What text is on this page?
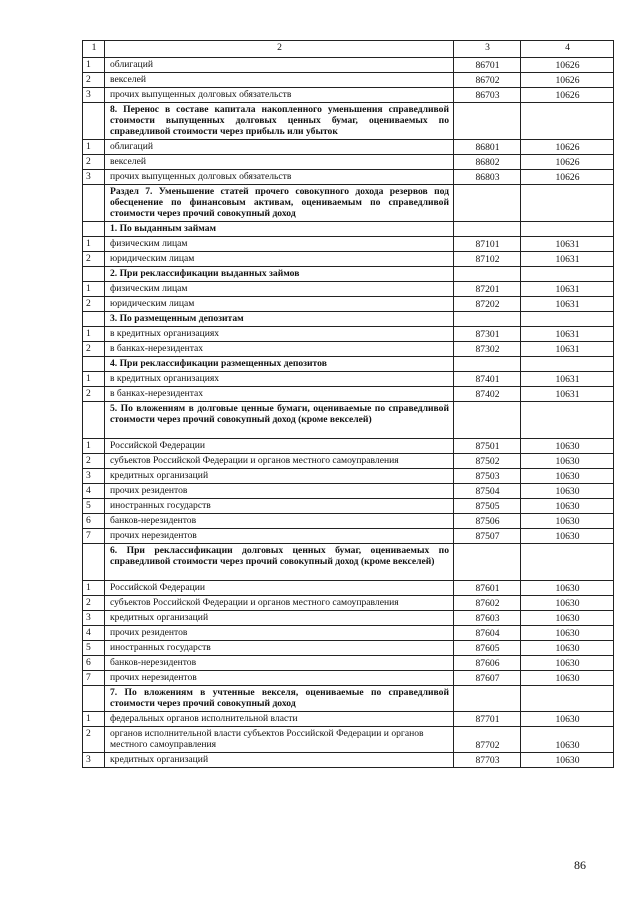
1	2	3	4
1	облигаций	86701	10626
2	векселей	86702	10626
3	прочих выпущенных долговых обязательств	86703	10626
	8. Перенос в составе капитала накопленного уменьшения справедливой стоимости выпущенных долговых ценных бумаг, оцениваемых по справедливой стоимости через прибыль или убыток		
1	облигаций	86801	10626
2	векселей	86802	10626
3	прочих выпущенных долговых обязательств	86803	10626
	Раздел 7. Уменьшение статей прочего совокупного дохода резервов под обесценение по финансовым активам, оцениваемым по справедливой стоимости через прочий совокупный доход		
	1. По выданным займам		
1	физическим лицам	87101	10631
2	юридическим лицам	87102	10631
	2. При реклассификации выданных займов		
1	физическим лицам	87201	10631
2	юридическим лицам	87202	10631
	3. По размещенным депозитам		
1	в кредитных организациях	87301	10631
2	в банках-нерезидентах	87302	10631
	4. При реклассификации размещенных депозитов		
1	в кредитных организациях	87401	10631
2	в банках-нерезидентах	87402	10631
	5. По вложениям в долговые ценные бумаги, оцениваемые по справедливой стоимости через прочий совокупный доход (кроме векселей)		
1	Российской Федерации	87501	10630
2	субъектов Российской Федерации и органов местного самоуправления	87502	10630
3	кредитных организаций	87503	10630
4	прочих резидентов	87504	10630
5	иностранных государств	87505	10630
6	банков-нерезидентов	87506	10630
7	прочих нерезидентов	87507	10630
	6. При реклассификации долговых ценных бумаг, оцениваемых по справедливой стоимости через прочий совокупный доход (кроме векселей)		
1	Российской Федерации	87601	10630
2	субъектов Российской Федерации и органов местного самоуправления	87602	10630
3	кредитных организаций	87603	10630
4	прочих резидентов	87604	10630
5	иностранных государств	87605	10630
6	банков-нерезидентов	87606	10630
7	прочих нерезидентов	87607	10630
	7. По вложениям в учтенные векселя, оцениваемые по справедливой стоимости через прочий совокупный доход		
1	федеральных органов исполнительной власти	87701	10630
2	органов исполнительной власти субъектов Российской Федерации и органов местного самоуправления	87702	10630
3	кредитных организаций	87703	10630
86
